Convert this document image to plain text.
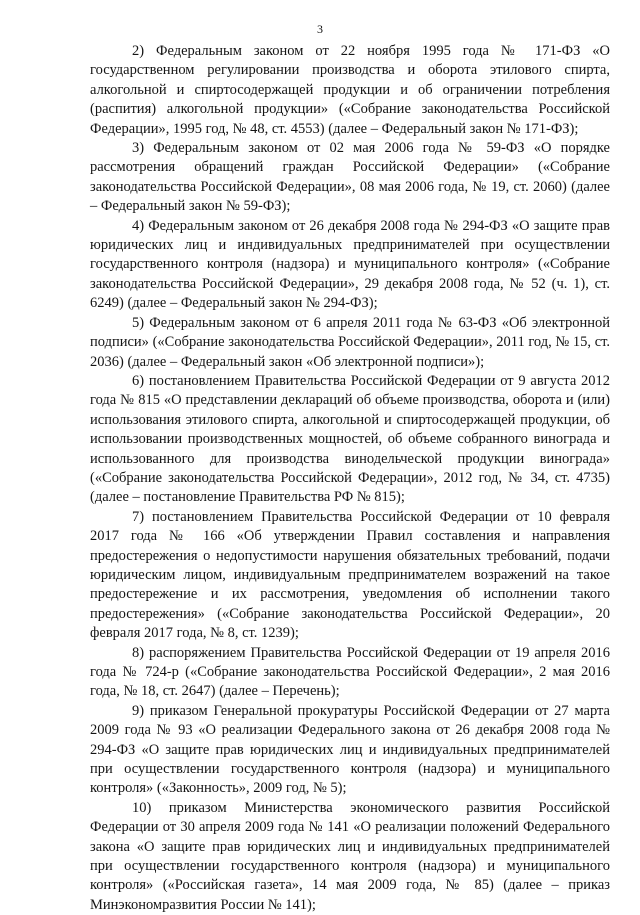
3

2) Федеральным законом от 22 ноября 1995 года № 171-ФЗ «О государственном регулировании производства и оборота этилового спирта, алкогольной и спиртосодержащей продукции и об ограничении потребления (распития) алкогольной продукции» («Собрание законодательства Российской Федерации», 1995 год, № 48, ст. 4553) (далее – Федеральный закон № 171-ФЗ);

3) Федеральным законом от 02 мая 2006 года № 59-ФЗ «О порядке рассмотрения обращений граждан Российской Федерации» («Собрание законодательства Российской Федерации», 08 мая 2006 года, № 19, ст. 2060) (далее – Федеральный закон № 59-ФЗ);

4) Федеральным законом от 26 декабря 2008 года № 294-ФЗ «О защите прав юридических лиц и индивидуальных предпринимателей при осуществлении государственного контроля (надзора) и муниципального контроля» («Собрание законодательства Российской Федерации», 29 декабря 2008 года, № 52 (ч. 1), ст. 6249) (далее – Федеральный закон № 294-ФЗ);

5) Федеральным законом от 6 апреля 2011 года № 63-ФЗ «Об электронной подписи» («Собрание законодательства Российской Федерации», 2011 год, № 15, ст. 2036) (далее – Федеральный закон «Об электронной подписи»);

6) постановлением Правительства Российской Федерации от 9 августа 2012 года № 815 «О представлении деклараций об объеме производства, оборота и (или) использования этилового спирта, алкогольной и спиртосодержащей продукции, об использовании производственных мощностей, об объеме собранного винограда и использованного для производства винодельческой продукции винограда» («Собрание законодательства Российской Федерации», 2012 год, № 34, ст. 4735) (далее – постановление Правительства РФ № 815);

7) постановлением Правительства Российской Федерации от 10 февраля 2017 года № 166 «Об утверждении Правил составления и направления предостережения о недопустимости нарушения обязательных требований, подачи юридическим лицом, индивидуальным предпринимателем возражений на такое предостережение и их рассмотрения, уведомления об исполнении такого предостережения» («Собрание законодательства Российской Федерации», 20 февраля 2017 года, № 8, ст. 1239);

8) распоряжением Правительства Российской Федерации от 19 апреля 2016 года № 724-р («Собрание законодательства Российской Федерации», 2 мая 2016 года, № 18, ст. 2647) (далее – Перечень);

9) приказом Генеральной прокуратуры Российской Федерации от 27 марта 2009 года № 93 «О реализации Федерального закона от 26 декабря 2008 года № 294-ФЗ «О защите прав юридических лиц и индивидуальных предпринимателей при осуществлении государственного контроля (надзора) и муниципального контроля» («Законность», 2009 год, № 5);

10) приказом Министерства экономического развития Российской Федерации от 30 апреля 2009 года № 141 «О реализации положений Федерального закона «О защите прав юридических лиц и индивидуальных предпринимателей при осуществлении государственного контроля (надзора) и муниципального контроля» («Российская газета», 14 мая 2009 года, № 85) (далее – приказ Минэкономразвития России № 141);
